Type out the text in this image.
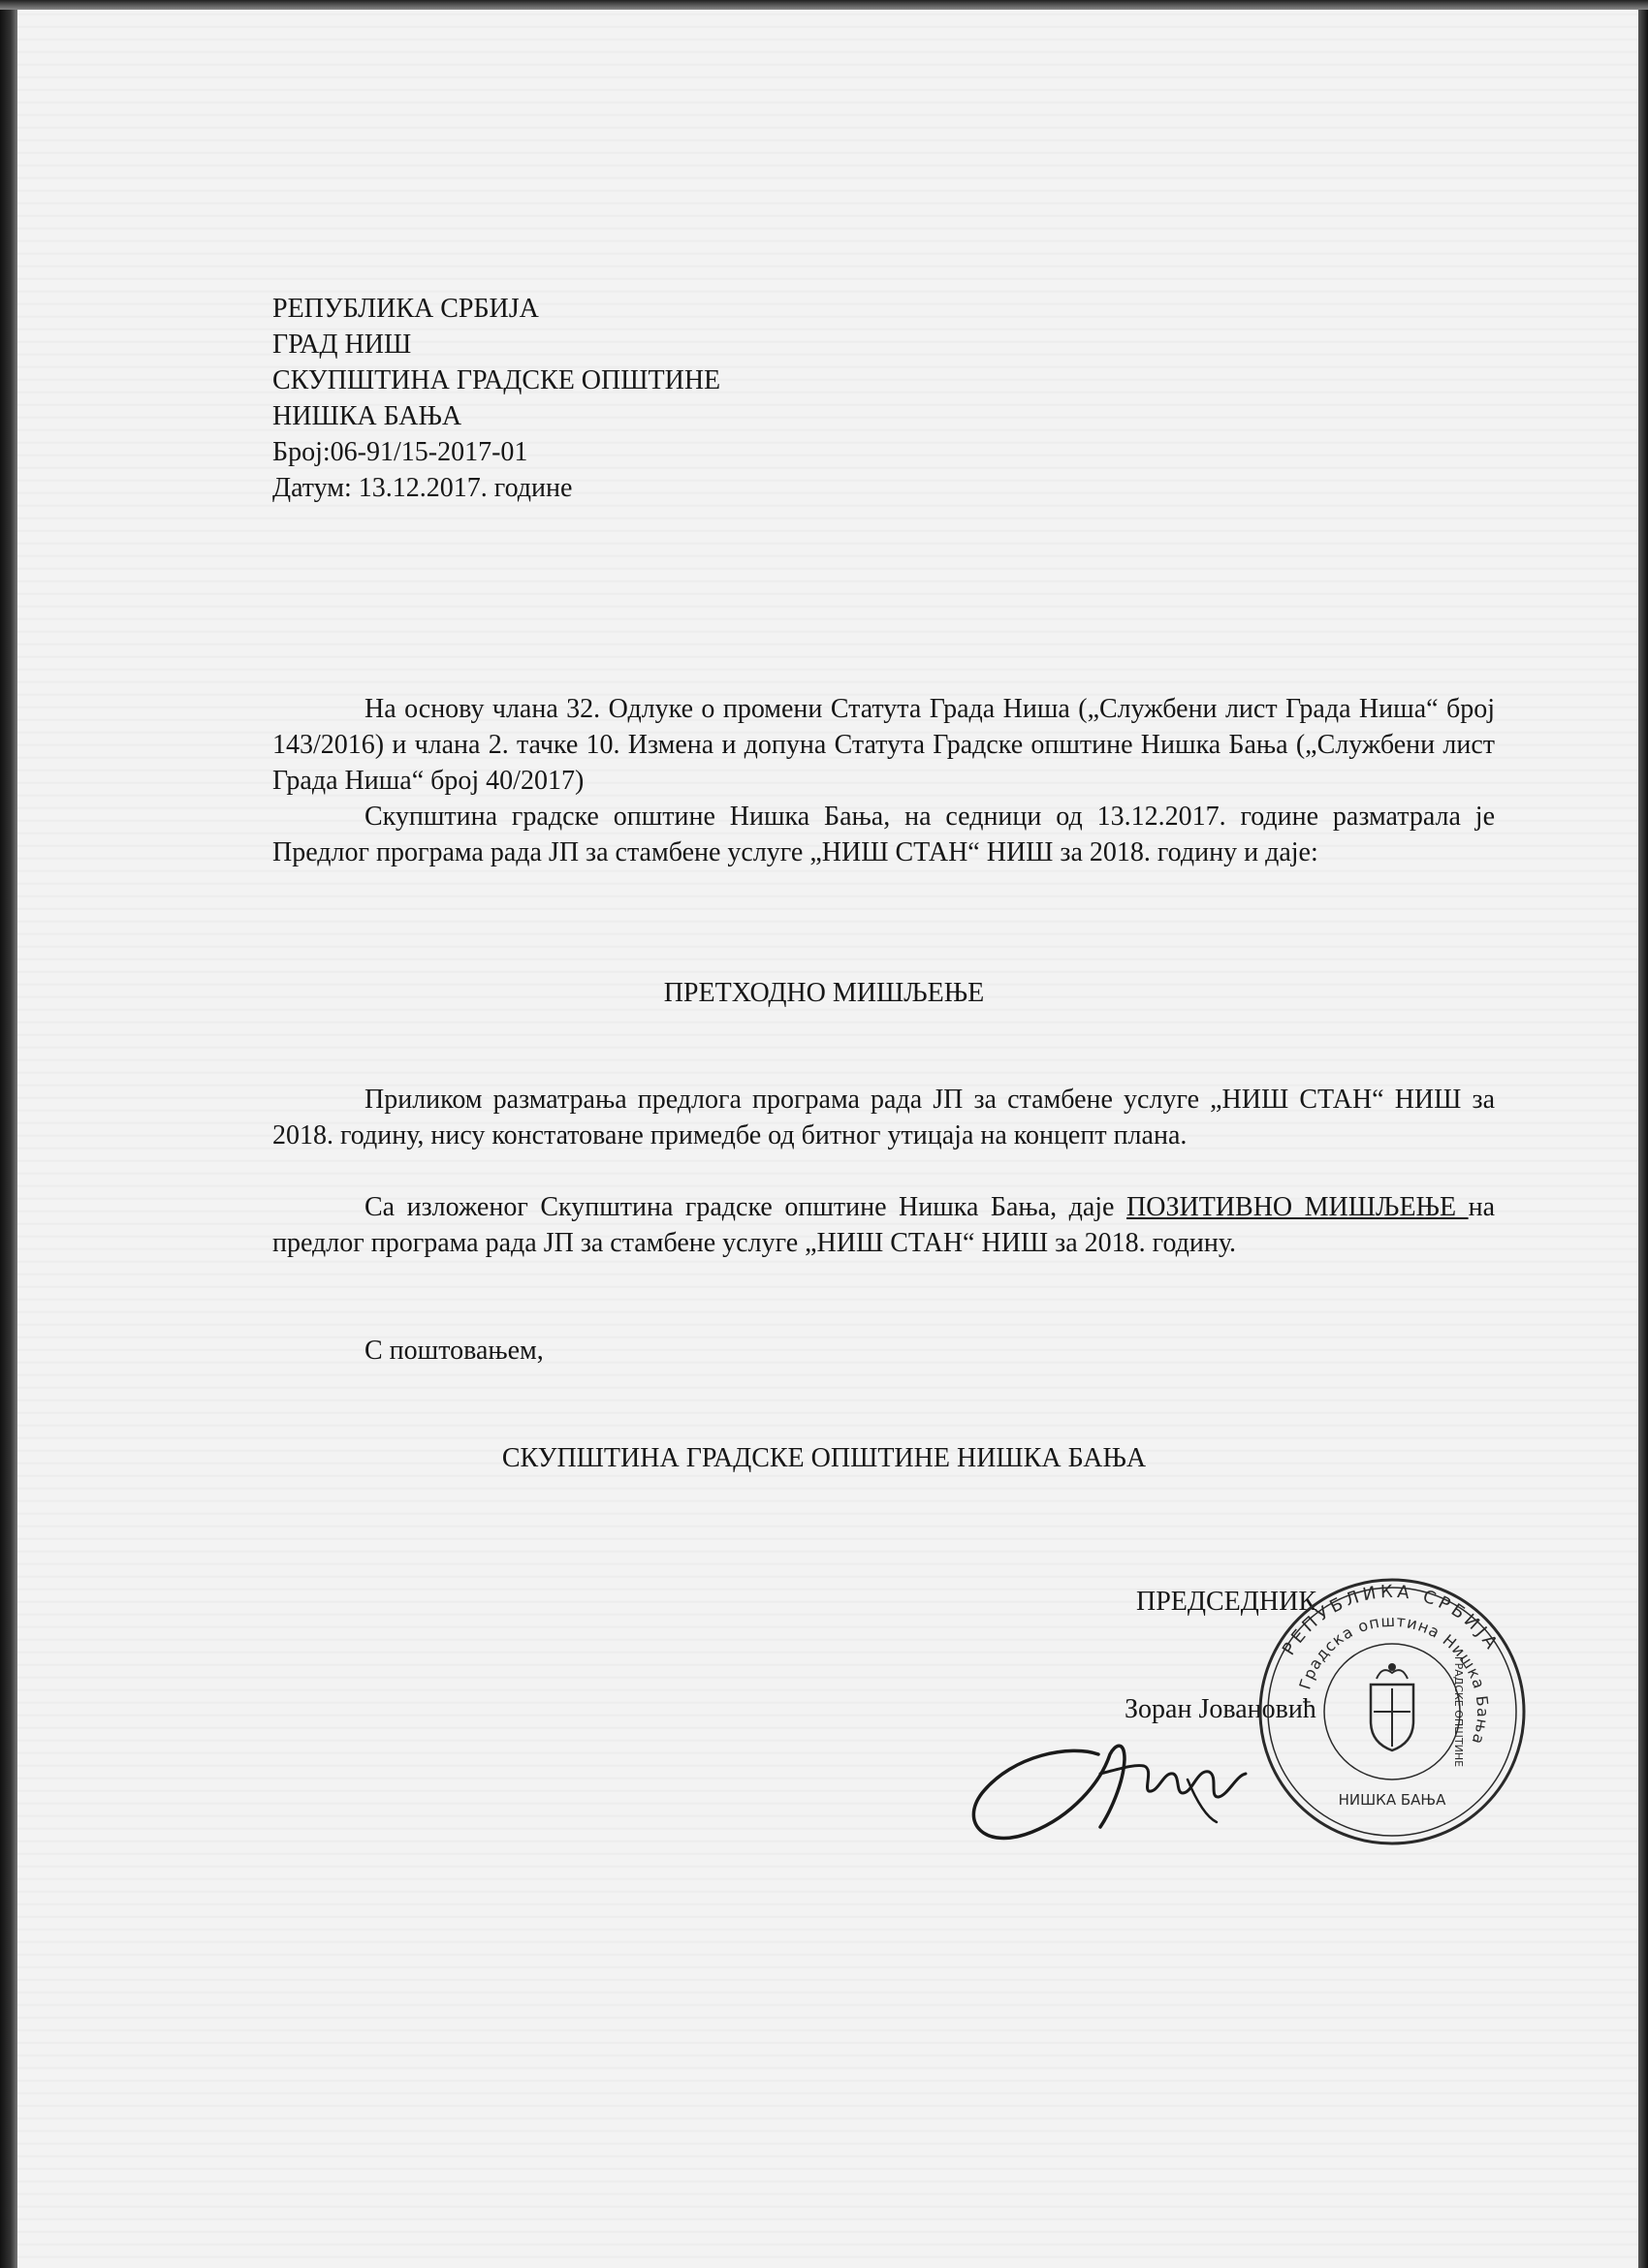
РЕПУБЛИКА СРБИЈА
ГРАД НИШ
СКУПШТИНА ГРАДСКЕ ОПШТИНЕ
НИШКА БАЊА
Број:06-91/15-2017-01
Датум: 13.12.2017. године

На основу члана 32. Одлуке о промени Статута Града Ниша („Службени лист Града Ниша“ број 143/2016) и члана 2. тачке 10. Измена и допуна Статута Градске општине Нишка Бања („Службени лист Града Ниша“ број 40/2017)

Скупштина градске општине Нишка Бања, на седници од 13.12.2017. године разматрала је Предлог програма рада ЈП за стамбене услуге „НИШ СТАН“ НИШ за 2018. годину и даје:

ПРЕТХОДНО МИШЉЕЊЕ

Приликом разматрања предлога програма рада ЈП за стамбене услуге „НИШ СТАН“ НИШ за 2018. годину, нису констатоване примедбе од битног утицаја на концепт плана.

Са изложеног Скупштина градске општине Нишка Бања, даје ПОЗИТИВНО МИШЉЕЊЕ на предлог програма рада ЈП за стамбене услуге „НИШ СТАН“ НИШ за 2018. годину.

С поштовањем,

СКУПШТИНА ГРАДСКЕ ОПШТИНЕ НИШКА БАЊА
ПРЕДСЕДНИК
Зоран Јовановић
РЕПУБЛИКА СРБИЈА
Градска општина Нишка Бања
НИШКА БАЊА
ГРАДСКЕ ОПШТИНЕ
